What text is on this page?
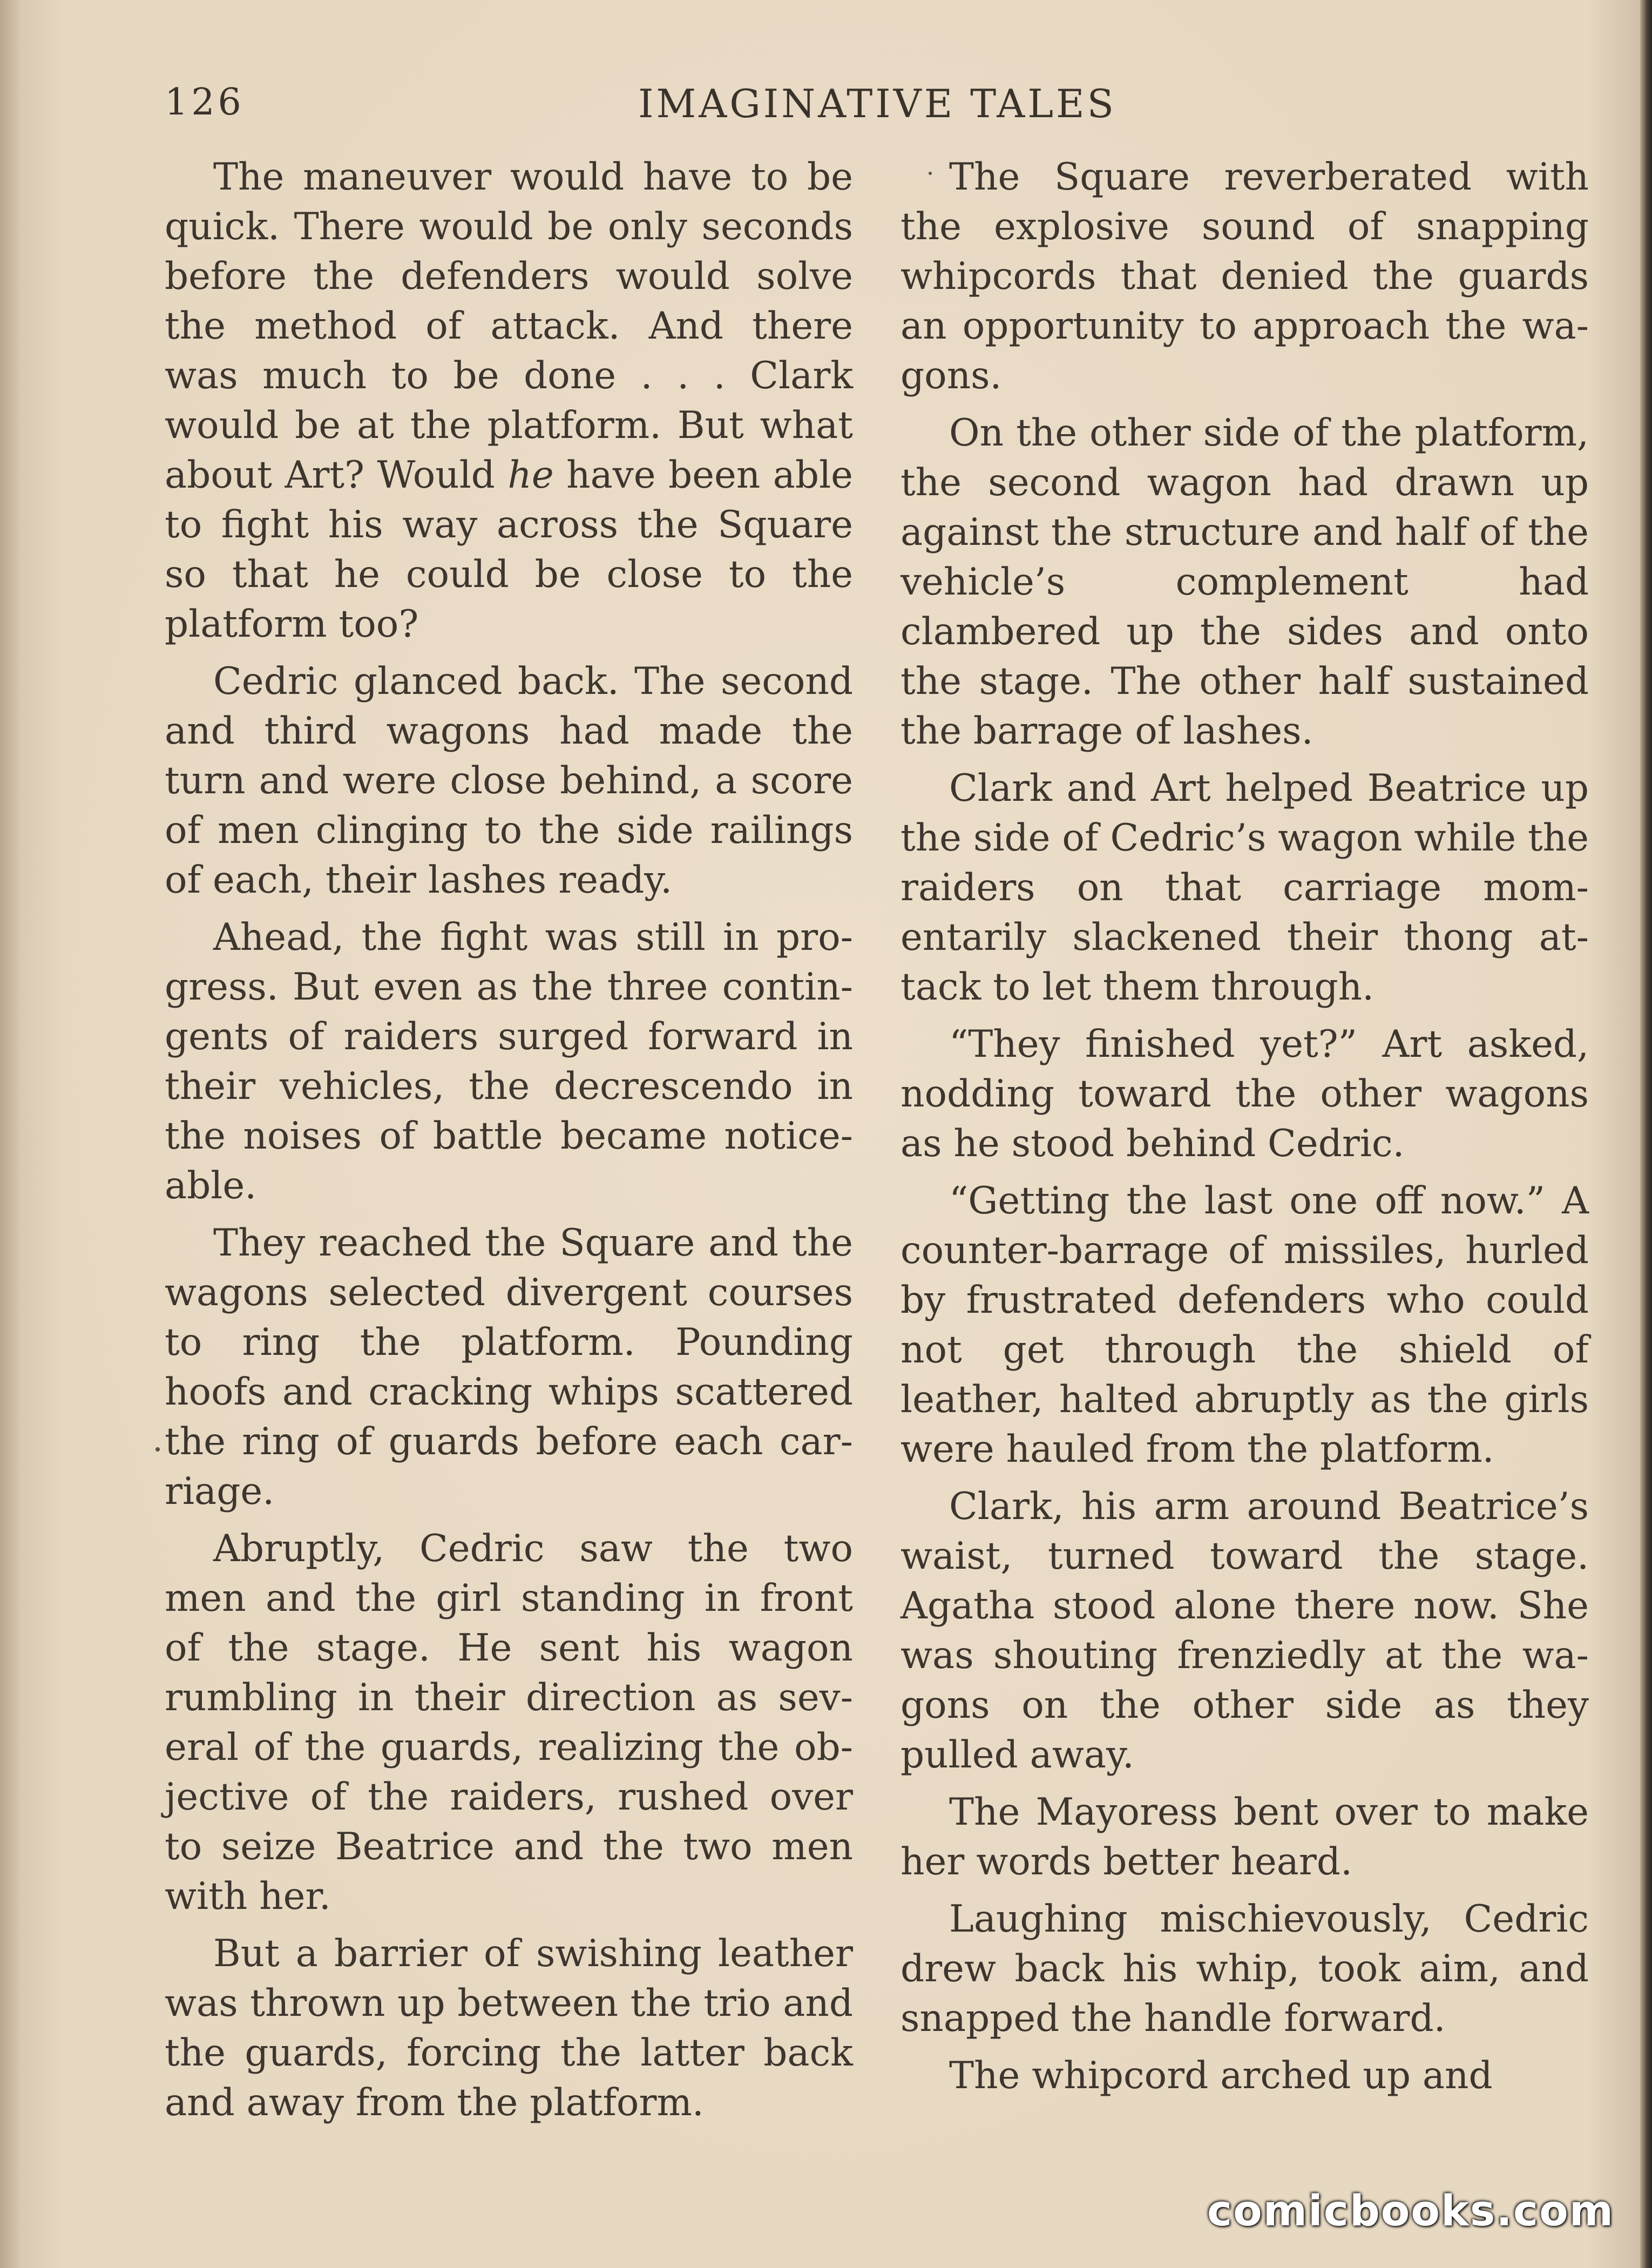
126	IMAGINATIVE TALES

The maneuver would have to be quick. There would be only seconds before the defenders would solve the method of attack. And there was much to be done . . . Clark would be at the platform. But what about Art? Would he have been able to fight his way across the Square so that he could be close to the platform too?

Cedric glanced back. The second and third wagons had made the turn and were close behind, a score of men clinging to the side railings of each, their lashes ready.

Ahead, the fight was still in progress. But even as the three contingents of raiders surged forward in their vehicles, the decrescendo in the noises of battle became noticeable.

They reached the Square and the wagons selected divergent courses to ring the platform. Pounding hoofs and cracking whips scattered the ring of guards before each carriage.

Abruptly, Cedric saw the two men and the girl standing in front of the stage. He sent his wagon rumbling in their direction as several of the guards, realizing the objective of the raiders, rushed over to seize Beatrice and the two men with her.

But a barrier of swishing leather was thrown up between the trio and the guards, forcing the latter back and away from the platform.

The Square reverberated with the explosive sound of snapping whipcords that denied the guards an opportunity to approach the wagons.

On the other side of the platform, the second wagon had drawn up against the structure and half of the vehicle’s complement had clambered up the sides and onto the stage. The other half sustained the barrage of lashes.

Clark and Art helped Beatrice up the side of Cedric’s wagon while the raiders on that carriage momentarily slackened their thong attack to let them through.

“They finished yet?” Art asked, nodding toward the other wagons as he stood behind Cedric.

“Getting the last one off now.” A counter-barrage of missiles, hurled by frustrated defenders who could not get through the shield of leather, halted abruptly as the girls were hauled from the platform.

Clark, his arm around Beatrice’s waist, turned toward the stage. Agatha stood alone there now. She was shouting frenziedly at the wagons on the other side as they pulled away.

The Mayoress bent over to make her words better heard.

Laughing mischievously, Cedric drew back his whip, took aim, and snapped the handle forward.

The whipcord arched up and

comicbooks.com
